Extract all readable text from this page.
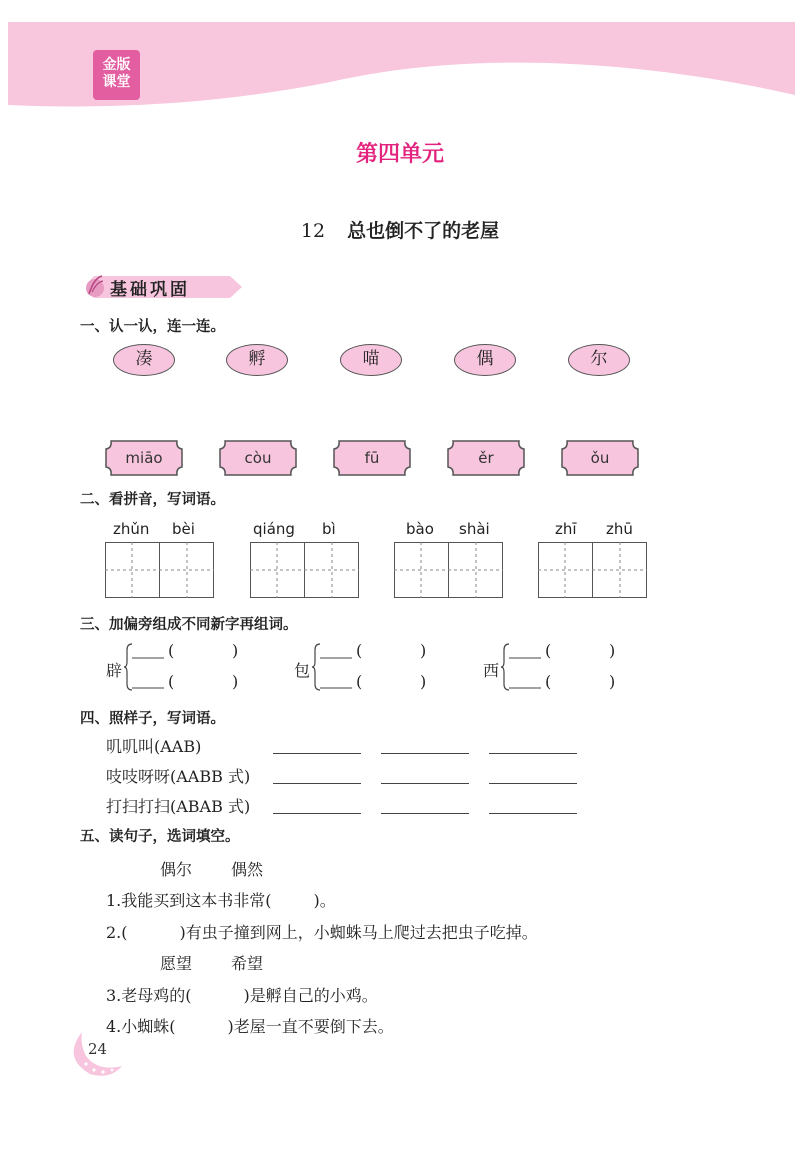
金版
课堂
第四单元
12 总也倒不了的老屋
基础巩固
一、认一认，连一连。
凑	孵	喵	偶	尔
miāo	còu	fū	ěr	ǒu
二、看拼音，写词语。
zhǔn bèi	qiáng bì	bào shài	zhī zhū
三、加偏旁组成不同新字再组词。
辟
(	)
(	)
包
(	)
(	)
西
(	)
(	)
四、照样子，写词语。
叽叽叫(AAB)
吱吱呀呀(AABB 式)
打扫打扫(ABAB 式)
五、读句子，选词填空。
偶尔 偶然
1.我能买到这本书非常(	)。
2.(	)有虫子撞到网上，小蜘蛛马上爬过去把虫子吃掉。
愿望 希望
3.老母鸡的(	)是孵自己的小鸡。
4.小蜘蛛(	)老屋一直不要倒下去。
24
